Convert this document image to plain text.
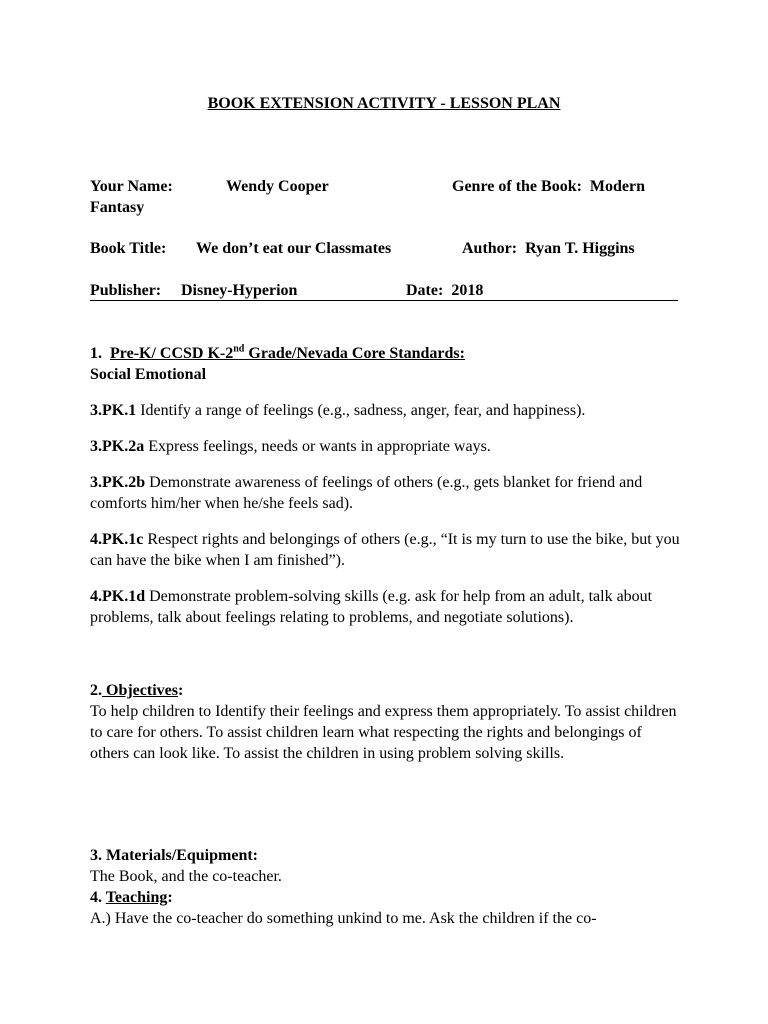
BOOK EXTENSION ACTIVITY - LESSON PLAN
Your Name:	Wendy Cooper	Genre of the Book: Modern
Fantasy
Book Title: We don’t eat our Classmates	Author: Ryan T. Higgins
Publisher: Disney-Hyperion	Date: 2018
1. Pre-K/ CCSD K-2nd Grade/Nevada Core Standards:
Social Emotional
3.PK.1 Identify a range of feelings (e.g., sadness, anger, fear, and happiness).
3.PK.2a Express feelings, needs or wants in appropriate ways.
3.PK.2b Demonstrate awareness of feelings of others (e.g., gets blanket for friend and comforts him/her when he/she feels sad).
4.PK.1c Respect rights and belongings of others (e.g., “It is my turn to use the bike, but you can have the bike when I am finished”).
4.PK.1d Demonstrate problem-solving skills (e.g. ask for help from an adult, talk about problems, talk about feelings relating to problems, and negotiate solutions).
2. Objectives:
To help children to Identify their feelings and express them appropriately. To assist children to care for others. To assist children learn what respecting the rights and belongings of others can look like. To assist the children in using problem solving skills.
3. Materials/Equipment:
The Book, and the co-teacher.
4. Teaching:
A.) Have the co-teacher do something unkind to me. Ask the children if the co-
